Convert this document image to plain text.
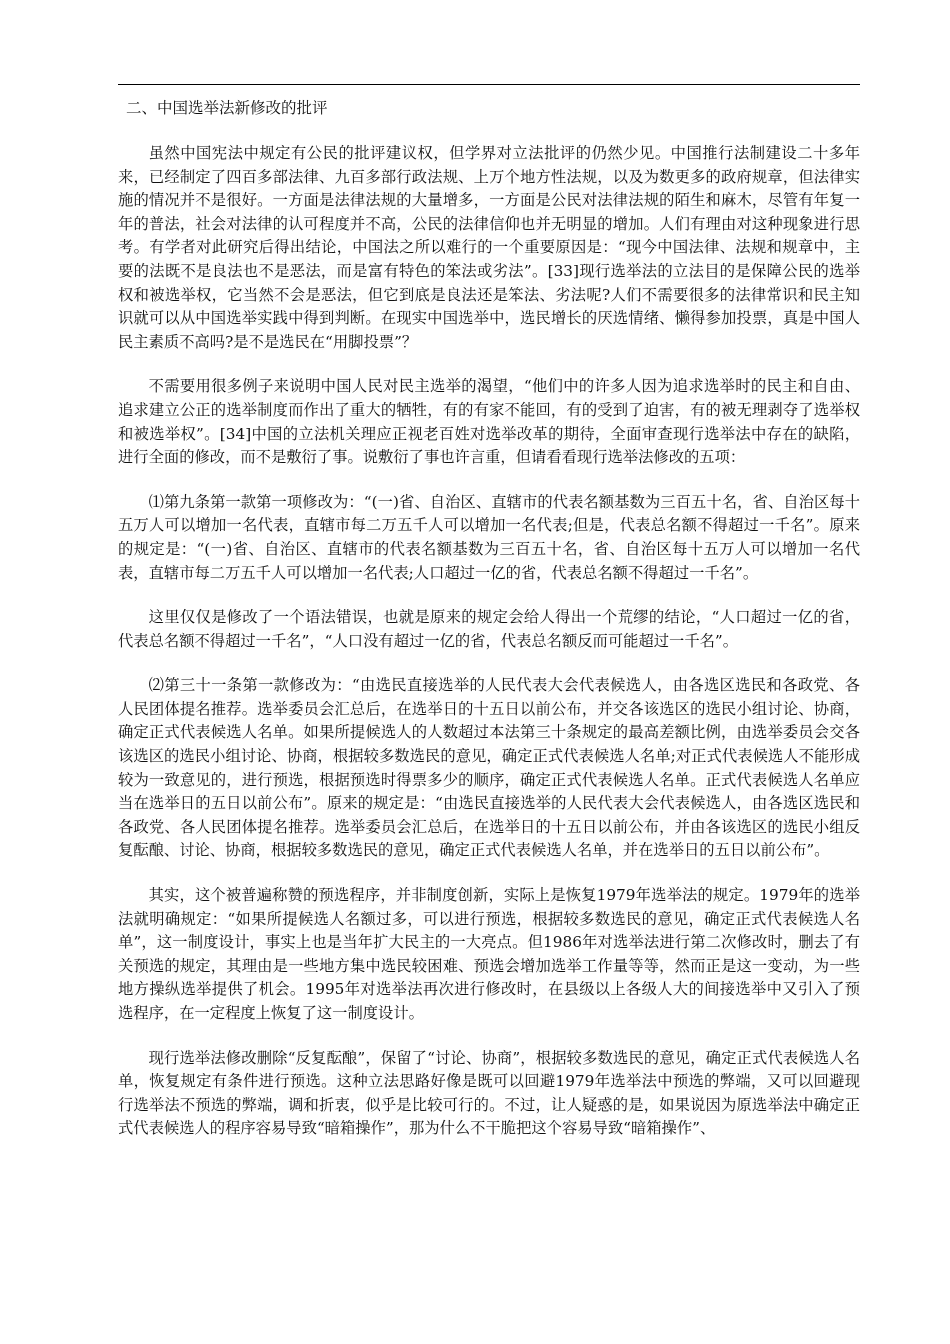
二、中国选举法新修改的批评

虽然中国宪法中规定有公民的批评建议权，但学界对立法批评的仍然少见。中国推行法制建设二十多年来，已经制定了四百多部法律、九百多部行政法规、上万个地方性法规，以及为数更多的政府规章，但法律实施的情况并不是很好。一方面是法律法规的大量增多，一方面是公民对法律法规的陌生和麻木，尽管有年复一年的普法，社会对法律的认可程度并不高，公民的法律信仰也并无明显的增加。人们有理由对这种现象进行思考。有学者对此研究后得出结论，中国法之所以难行的一个重要原因是：“现今中国法律、法规和规章中，主要的法既不是良法也不是恶法，而是富有特色的笨法或劣法”。[33]现行选举法的立法目的是保障公民的选举权和被选举权，它当然不会是恶法，但它到底是良法还是笨法、劣法呢?人们不需要很多的法律常识和民主知识就可以从中国选举实践中得到判断。在现实中国选举中，选民增长的厌选情绪、懒得参加投票，真是中国人民主素质不高吗?是不是选民在“用脚投票”？

不需要用很多例子来说明中国人民对民主选举的渴望，“他们中的许多人因为追求选举时的民主和自由、追求建立公正的选举制度而作出了重大的牺牲，有的有家不能回，有的受到了迫害，有的被无理剥夺了选举权和被选举权”。[34]中国的立法机关理应正视老百姓对选举改革的期待，全面审查现行选举法中存在的缺陷，进行全面的修改，而不是敷衍了事。说敷衍了事也许言重，但请看看现行选举法修改的五项：

⑴第九条第一款第一项修改为：“(一)省、自治区、直辖市的代表名额基数为三百五十名，省、自治区每十五万人可以增加一名代表，直辖市每二万五千人可以增加一名代表;但是，代表总名额不得超过一千名”。原来的规定是：“(一)省、自治区、直辖市的代表名额基数为三百五十名，省、自治区每十五万人可以增加一名代表，直辖市每二万五千人可以增加一名代表;人口超过一亿的省，代表总名额不得超过一千名”。

这里仅仅是修改了一个语法错误，也就是原来的规定会给人得出一个荒缪的结论，“人口超过一亿的省，代表总名额不得超过一千名”，“人口没有超过一亿的省，代表总名额反而可能超过一千名”。

⑵第三十一条第一款修改为：“由选民直接选举的人民代表大会代表候选人，由各选区选民和各政党、各人民团体提名推荐。选举委员会汇总后，在选举日的十五日以前公布，并交各该选区的选民小组讨论、协商，确定正式代表候选人名单。如果所提候选人的人数超过本法第三十条规定的最高差额比例，由选举委员会交各该选区的选民小组讨论、协商，根据较多数选民的意见，确定正式代表候选人名单;对正式代表候选人不能形成较为一致意见的，进行预选，根据预选时得票多少的顺序，确定正式代表候选人名单。正式代表候选人名单应当在选举日的五日以前公布”。原来的规定是：“由选民直接选举的人民代表大会代表候选人，由各选区选民和各政党、各人民团体提名推荐。选举委员会汇总后，在选举日的十五日以前公布，并由各该选区的选民小组反复酝酿、讨论、协商，根据较多数选民的意见，确定正式代表候选人名单，并在选举日的五日以前公布”。

其实，这个被普遍称赞的预选程序，并非制度创新，实际上是恢复1979年选举法的规定。1979年的选举法就明确规定：“如果所提候选人名额过多，可以进行预选，根据较多数选民的意见，确定正式代表候选人名单”，这一制度设计，事实上也是当年扩大民主的一大亮点。但1986年对选举法进行第二次修改时，删去了有关预选的规定，其理由是一些地方集中选民较困难、预选会增加选举工作量等等，然而正是这一变动，为一些地方操纵选举提供了机会。1995年对选举法再次进行修改时，在县级以上各级人大的间接选举中又引入了预选程序，在一定程度上恢复了这一制度设计。

现行选举法修改删除“反复酝酿”，保留了“讨论、协商”，根据较多数选民的意见，确定正式代表候选人名单，恢复规定有条件进行预选。这种立法思路好像是既可以回避1979年选举法中预选的弊端，又可以回避现行选举法不预选的弊端，调和折衷，似乎是比较可行的。不过，让人疑惑的是，如果说因为原选举法中确定正式代表候选人的程序容易导致“暗箱操作”，那为什么不干脆把这个容易导致“暗箱操作”、
